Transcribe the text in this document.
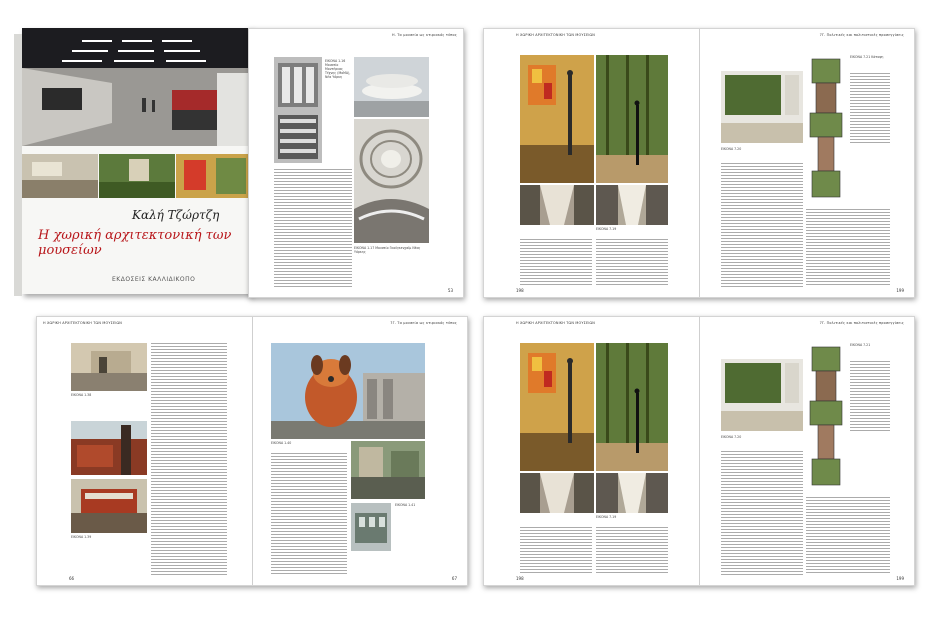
Καλή Τζώρτζη
Η χωρική αρχιτεκτονική των μουσείων
ΕΚΔΟΣΕΙΣ ΚΑΛΛΙΔΙΚΟΠΟ
Η. Τα μουσεία ως κτιριακός τύπος
ΕΙΚΟΝΑ 1.16 Μουσείο Μοντέρνας Τέχνης (ΜοΜΑ), Νέα Υόρκη
ΕΙΚΟΝΑ 1.17 Μουσείο Γκούγκενχαϊμ Νέας Υόρκης
53
Η ΧΩΡΙΚΗ ΑΡΧΙΤΕΚΤΟΝΙΚΗ ΤΩΝ ΜΟΥΣΕΙΩΝ	7Γ. Πολιτικές και πολιτιστικές προσεγγίσεις
ΕΙΚΟΝΑ 7.19
198
ΕΙΚΟΝΑ 7.20
ΕΙΚΟΝΑ 7.21 Κάτοψη
199
Η ΧΩΡΙΚΗ ΑΡΧΙΤΕΚΤΟΝΙΚΗ ΤΩΝ ΜΟΥΣΕΙΩΝ	7Γ. Τα μουσεία ως κτιριακός τύπος
ΕΙΚΟΝΑ 1.38
ΕΙΚΟΝΑ 1.39
66
ΕΙΚΟΝΑ 1.40
ΕΙΚΟΝΑ 1.41
67
Η ΧΩΡΙΚΗ ΑΡΧΙΤΕΚΤΟΝΙΚΗ ΤΩΝ ΜΟΥΣΕΙΩΝ	7Γ. Πολιτικές και πολιτιστικές προσεγγίσεις
ΕΙΚΟΝΑ 7.19
198
ΕΙΚΟΝΑ 7.20
ΕΙΚΟΝΑ 7.21
199
